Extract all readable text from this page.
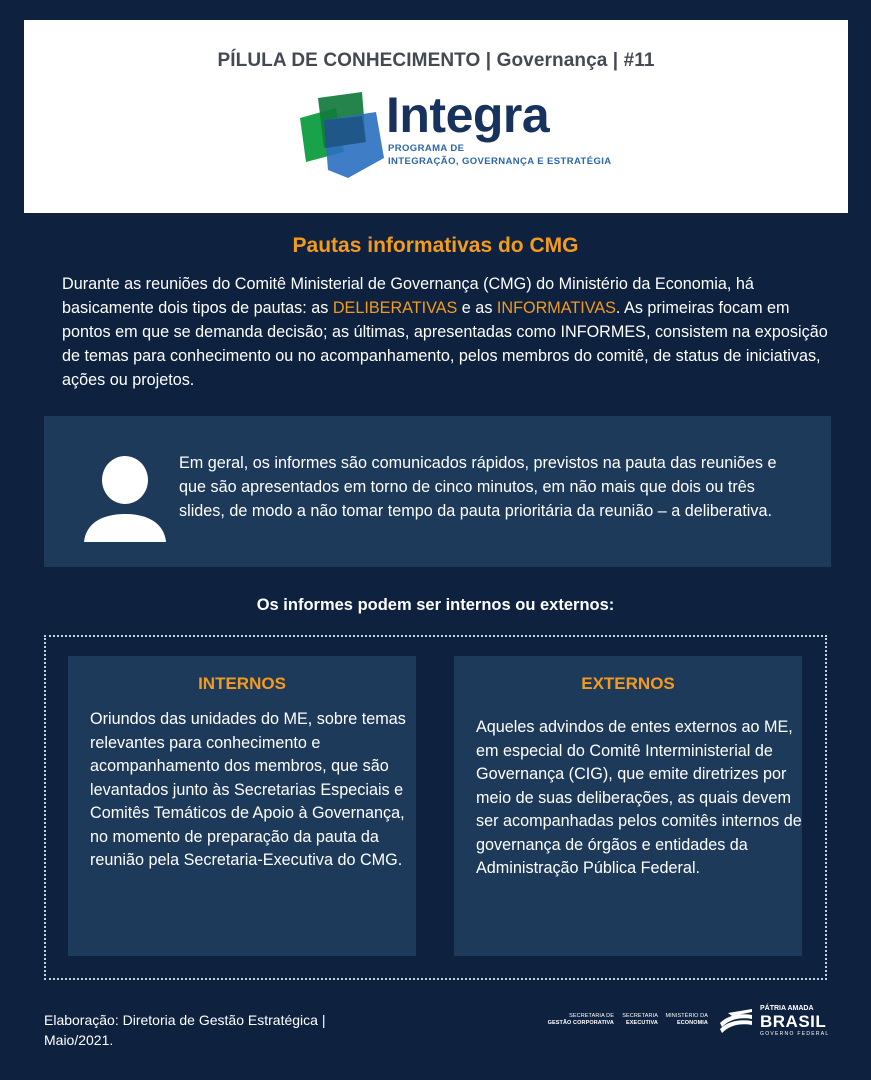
PÍLULA DE CONHECIMENTO | Governança | #11
Integra
PROGRAMA DE
INTEGRAÇÃO, GOVERNANÇA E ESTRATÉGIA
Pautas informativas do CMG
Durante as reuniões do Comitê Ministerial de Governança (CMG) do Ministério da Economia, há basicamente dois tipos de pautas: as DELIBERATIVAS e as INFORMATIVAS. As primeiras focam em pontos em que se demanda decisão; as últimas, apresentadas como INFORMES, consistem na exposição de temas para conhecimento ou no acompanhamento, pelos membros do comitê, de status de iniciativas, ações ou projetos.
Em geral, os informes são comunicados rápidos, previstos na pauta das reuniões e que são apresentados em torno de cinco minutos, em não mais que dois ou três slides, de modo a não tomar tempo da pauta prioritária da reunião – a deliberativa.
Os informes podem ser internos ou externos:
INTERNOS
Oriundos das unidades do ME, sobre temas relevantes para conhecimento e acompanhamento dos membros, que são levantados junto às Secretarias Especiais e Comitês Temáticos de Apoio à Governança, no momento de preparação da pauta da reunião pela Secretaria-Executiva do CMG.
EXTERNOS
Aqueles advindos de entes externos ao ME, em especial do Comitê Interministerial de Governança (CIG), que emite diretrizes por meio de suas deliberações, as quais devem ser acompanhadas pelos comitês internos de governança de órgãos e entidades da Administração Pública Federal.
Elaboração: Diretoria de Gestão Estratégica | Maio/2021.
SECRETARIA DE
GESTÃO CORPORATIVA
SECRETARIA
EXECUTIVA
MINISTÉRIO DA
ECONOMIA
PÁTRIA AMADA
BRASIL
GOVERNO FEDERAL
